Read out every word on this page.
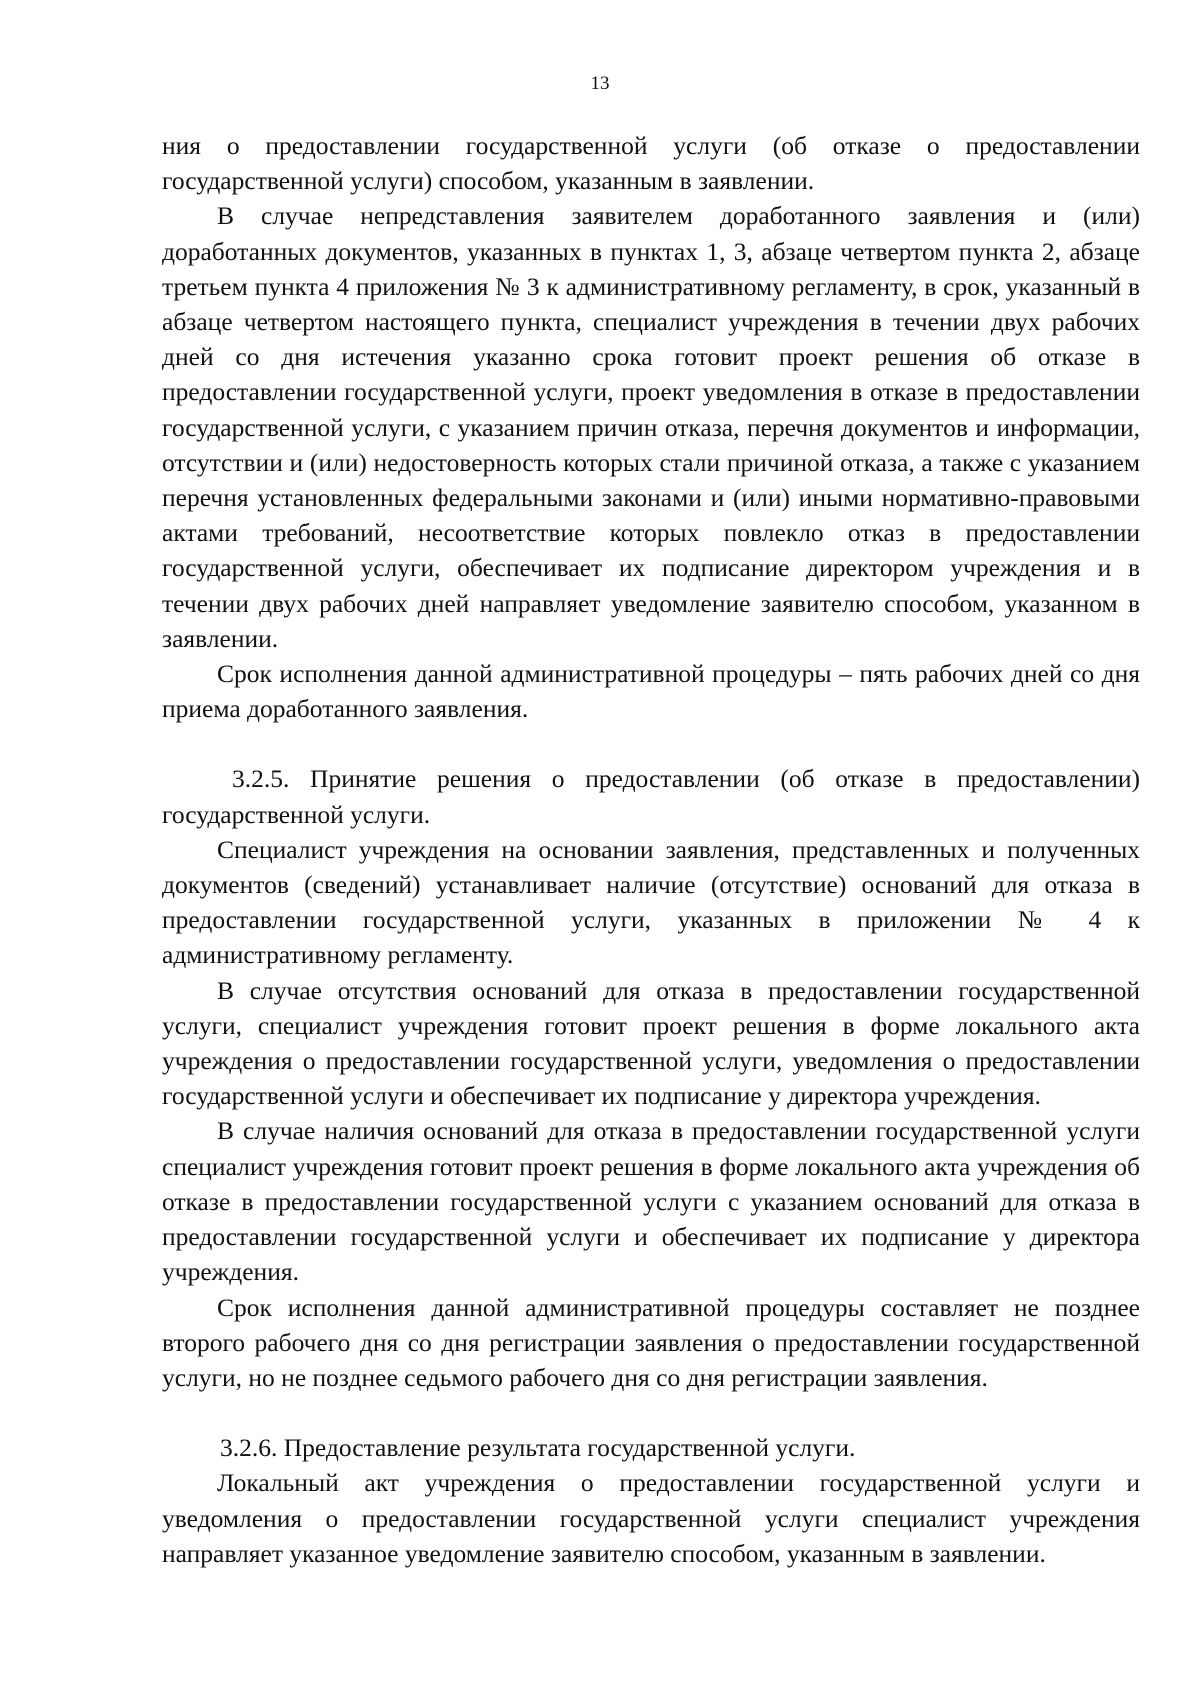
13

ния о предоставлении государственной услуги (об отказе о предоставлении государственной услуги) способом, указанным в заявлении.

В случае непредставления заявителем доработанного заявления и (или) доработанных документов, указанных в пунктах 1, 3, абзаце четвертом пункта 2, абзаце третьем пункта 4 приложения № 3 к административному регламенту, в срок, указанный в абзаце четвертом настоящего пункта, специалист учреждения в течении двух рабочих дней со дня истечения указанно срока готовит проект решения об отказе в предоставлении государственной услуги, проект уведомления в отказе в предоставлении государственной услуги, с указанием причин отказа, перечня документов и информации, отсутствии и (или) недостоверность которых стали причиной отказа, а также с указанием перечня установленных федеральными законами и (или) иными нормативно-правовыми актами требований, несоответствие которых повлекло отказ в предоставлении государственной услуги, обеспечивает их подписание директором учреждения и в течении двух рабочих дней направляет уведомление заявителю способом, указанном в заявлении.

Срок исполнения данной административной процедуры – пять рабочих дней со дня приема доработанного заявления.

3.2.5. Принятие решения о предоставлении (об отказе в предоставлении) государственной услуги.

Специалист учреждения на основании заявления, представленных и полученных документов (сведений) устанавливает наличие (отсутствие) оснований для отказа в предоставлении государственной услуги, указанных в приложении № 4 к административному регламенту.

В случае отсутствия оснований для отказа в предоставлении государственной услуги, специалист учреждения готовит проект решения в форме локального акта учреждения о предоставлении государственной услуги, уведомления о предоставлении государственной услуги и обеспечивает их подписание у директора учреждения.

В случае наличия оснований для отказа в предоставлении государственной услуги специалист учреждения готовит проект решения в форме локального акта учреждения об отказе в предоставлении государственной услуги с указанием оснований для отказа в предоставлении государственной услуги и обеспечивает их подписание у директора учреждения.

Срок исполнения данной административной процедуры составляет не позднее второго рабочего дня со дня регистрации заявления о предоставлении государственной услуги, но не позднее седьмого рабочего дня со дня регистрации заявления.

3.2.6. Предоставление результата государственной услуги.

Локальный акт учреждения о предоставлении государственной услуги и уведомления о предоставлении государственной услуги специалист учреждения направляет указанное уведомление заявителю способом, указанным в заявлении.
